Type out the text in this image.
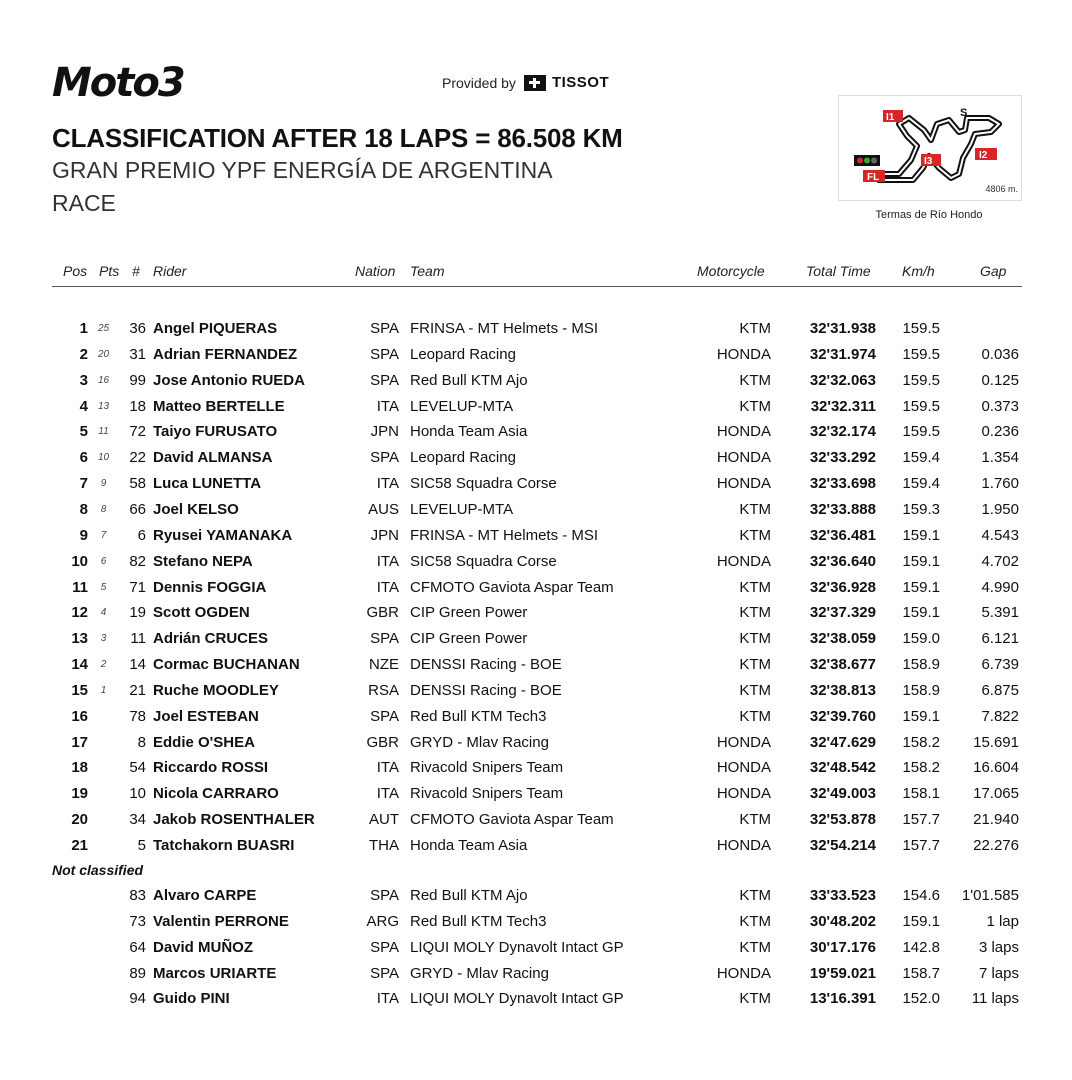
Moto3	Provided by TISSOT
CLASSIFICATION AFTER 18 LAPS = 86.508 KM
GRAN PREMIO YPF ENERGÍA DE ARGENTINA
RACE
I1	S
I3
I2
FL
4806 m.
Termas de Río Hondo
Pos Pts # Rider	Nation Team	Motorcycle	Total Time Km/h	Gap
1 25	36 Angel PIQUERAS	SPA FRINSA - MT Helmets - MSI	KTM	32'31.938	159.5
2 20	31 Adrian FERNANDEZ	SPA Leopard Racing	HONDA	32'31.974	159.5	0.036
3 16	99 Jose Antonio RUEDA	SPA Red Bull KTM Ajo	KTM	32'32.063	159.5	0.125
4 13	18 Matteo BERTELLE	ITA LEVELUP-MTA	KTM	32'32.311	159.5	0.373
5	11	72 Taiyo FURUSATO	JPN Honda Team Asia	HONDA	32'32.174	159.5	0.236
6 10	22 David ALMANSA	SPA Leopard Racing	HONDA	32'33.292	159.4	1.354
7	9	58 Luca LUNETTA	ITA SIC58 Squadra Corse	HONDA	32'33.698	159.4	1.760
8	8	66 Joel KELSO	AUS LEVELUP-MTA	KTM	32'33.888	159.3	1.950
9	7	6 Ryusei YAMANAKA	JPN FRINSA - MT Helmets - MSI	KTM	32'36.481	159.1	4.543
10	6	82 Stefano NEPA	ITA SIC58 Squadra Corse	HONDA	32'36.640	159.1	4.702
11	5	71 Dennis FOGGIA	ITA CFMOTO Gaviota Aspar Team	KTM	32'36.928	159.1	4.990
12	4	19 Scott OGDEN	GBR CIP Green Power	KTM	32'37.329	159.1	5.391
13	3	11 Adrián CRUCES	SPA CIP Green Power	KTM	32'38.059	159.0	6.121
14	2	14 Cormac BUCHANAN	NZE DENSSI Racing - BOE	KTM	32'38.677	158.9	6.739
15	1	21 Ruche MOODLEY	RSA DENSSI Racing - BOE	KTM	32'38.813	158.9	6.875
16	78 Joel ESTEBAN	SPA Red Bull KTM Tech3	KTM	32'39.760	159.1	7.822
17	8 Eddie O'SHEA	GBR GRYD - Mlav Racing	HONDA	32'47.629	158.2	15.691
18	54 Riccardo ROSSI	ITA Rivacold Snipers Team	HONDA	32'48.542	158.2	16.604
19	10 Nicola CARRARO	ITA Rivacold Snipers Team	HONDA	32'49.003	158.1	17.065
20	34 Jakob ROSENTHALER	AUT CFMOTO Gaviota Aspar Team	KTM	32'53.878	157.7	21.940
21	5 Tatchakorn BUASRI	THA Honda Team Asia	HONDA	32'54.214	157.7	22.276
Not classified
83 Alvaro CARPE	SPA Red Bull KTM Ajo	KTM	33'33.523	154.6	1'01.585
73 Valentin PERRONE	ARG Red Bull KTM Tech3	KTM	30'48.202	159.1	1 lap
64 David MUÑOZ	SPA LIQUI MOLY Dynavolt Intact GP	KTM	30'17.176	142.8	3 laps
89 Marcos URIARTE	SPA GRYD - Mlav Racing	HONDA	19'59.021	158.7	7 laps
94 Guido PINI	ITA LIQUI MOLY Dynavolt Intact GP	KTM	13'16.391	152.0	11 laps
